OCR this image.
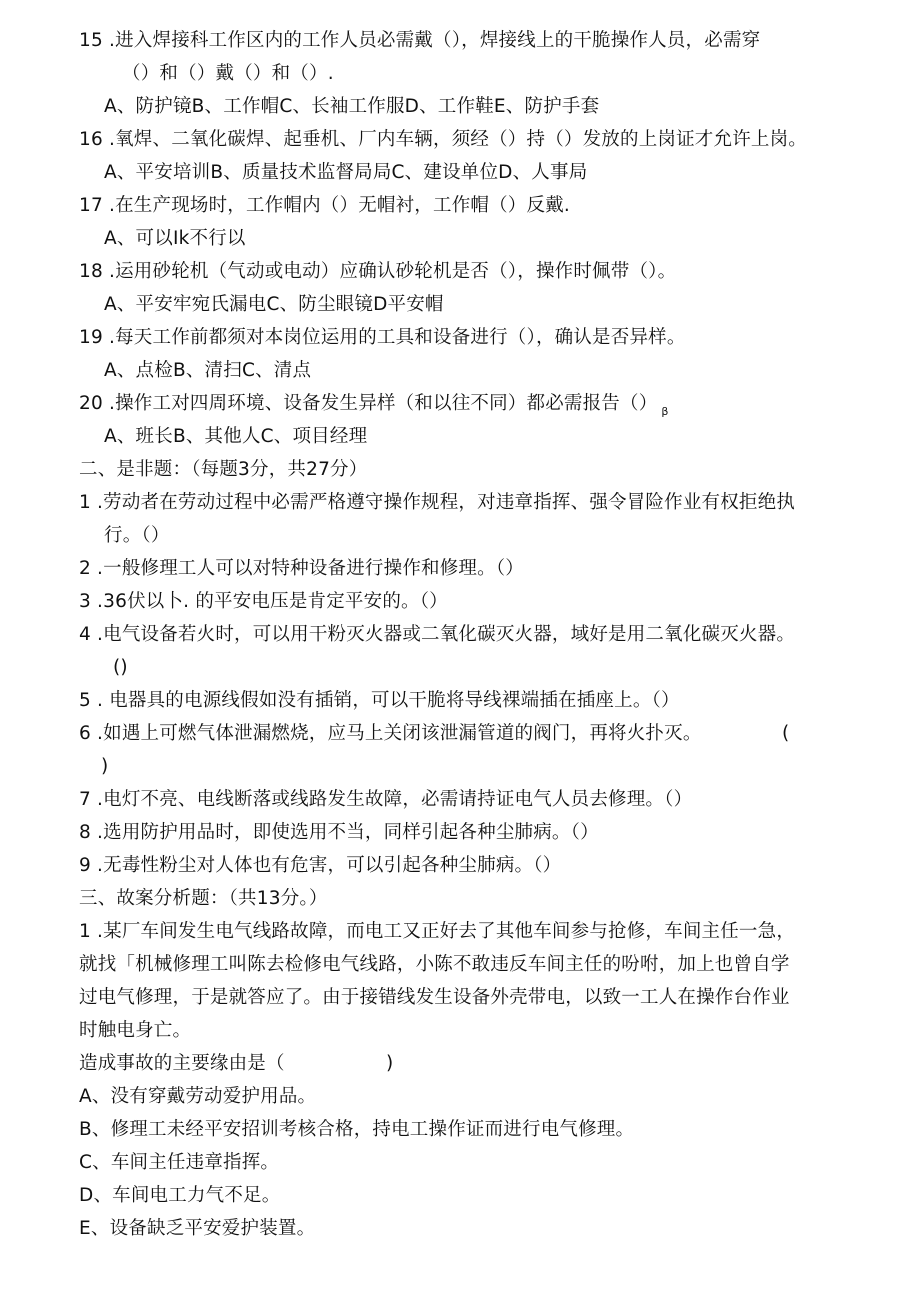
15 .进入焊接科工作区内的工作人员必需戴（），焊接线上的干脆操作人员，必需穿
（）和（）戴（）和（）.
A、防护镜B、工作帽C、长袖工作服D、工作鞋E、防护手套
16 .氧焊、二氧化碳焊、起垂机、厂内车辆，须经（）持（）发放的上岗证才允许上岗。
A、平安培训B、质量技术监督局局C、建设单位D、人事局
17 .在生产现场时，工作帽内（）无帽衬，工作帽（）反戴.
A、可以Ik不行以
18 .运用砂轮机（气动或电动）应确认砂轮机是否（），操作时佩带（）。
A、平安牢宛氏漏电C、防尘眼镜D平安帽
19 .每天工作前都须对本岗位运用的工具和设备进行（），确认是否异样。
A、点检B、清扫C、清点
20 .操作工对四周环境、设备发生异样（和以往不同）都必需报告（） $_\beta$
A、班长B、其他人C、项目经理
二、是非题：（每题3分，共27分）
1 .劳动者在劳动过程中必需严格遵守操作规程，对违章指挥、强令冒险作业有权拒绝执
行。（）
2 .一般修理工人可以对特种设备进行操作和修理。（）
3 .36伏以卜. 的平安电压是肯定平安的。（）
4 .电气设备若火时，可以用干粉灭火器或二氧化碳灭火器，域好是用二氧化碳灭火器。
()
5 . 电器具的电源线假如没有插销，可以干脆将导线裸端插在插座上。（）
6 .如遇上可燃气体泄漏燃烧，应马上关闭该泄漏管道的阀门，再将火扑灭。	(
)
7 .电灯不亮、电线断落或线路发生故障，必需请持证电气人员去修理。（）
8 .选用防护用品时，即使选用不当，同样引起各种尘肺病。（）
9 .无毒性粉尘对人体也有危害，可以引起各种尘肺病。（）
三、故案分析题：（共13分。）
1 .某厂车间发生电气线路故障，而电工又正好去了其他车间参与抢修，车间主任一急，
就找「机械修理工叫陈去检修电气线路，小陈不敢违反车间主任的吩咐，加上也曾自学
过电气修理，于是就答应了。由于接错线发生设备外壳带电，以致一工人在操作台作业
时触电身亡。
造成事故的主要缘由是（	)
A、没有穿戴劳动爱护用品。
B、修理工未经平安招训考核合格，持电工操作证而进行电气修理。
C、车间主任违章指挥。
D、车间电工力气不足。
E、设备缺乏平安爱护装置。
